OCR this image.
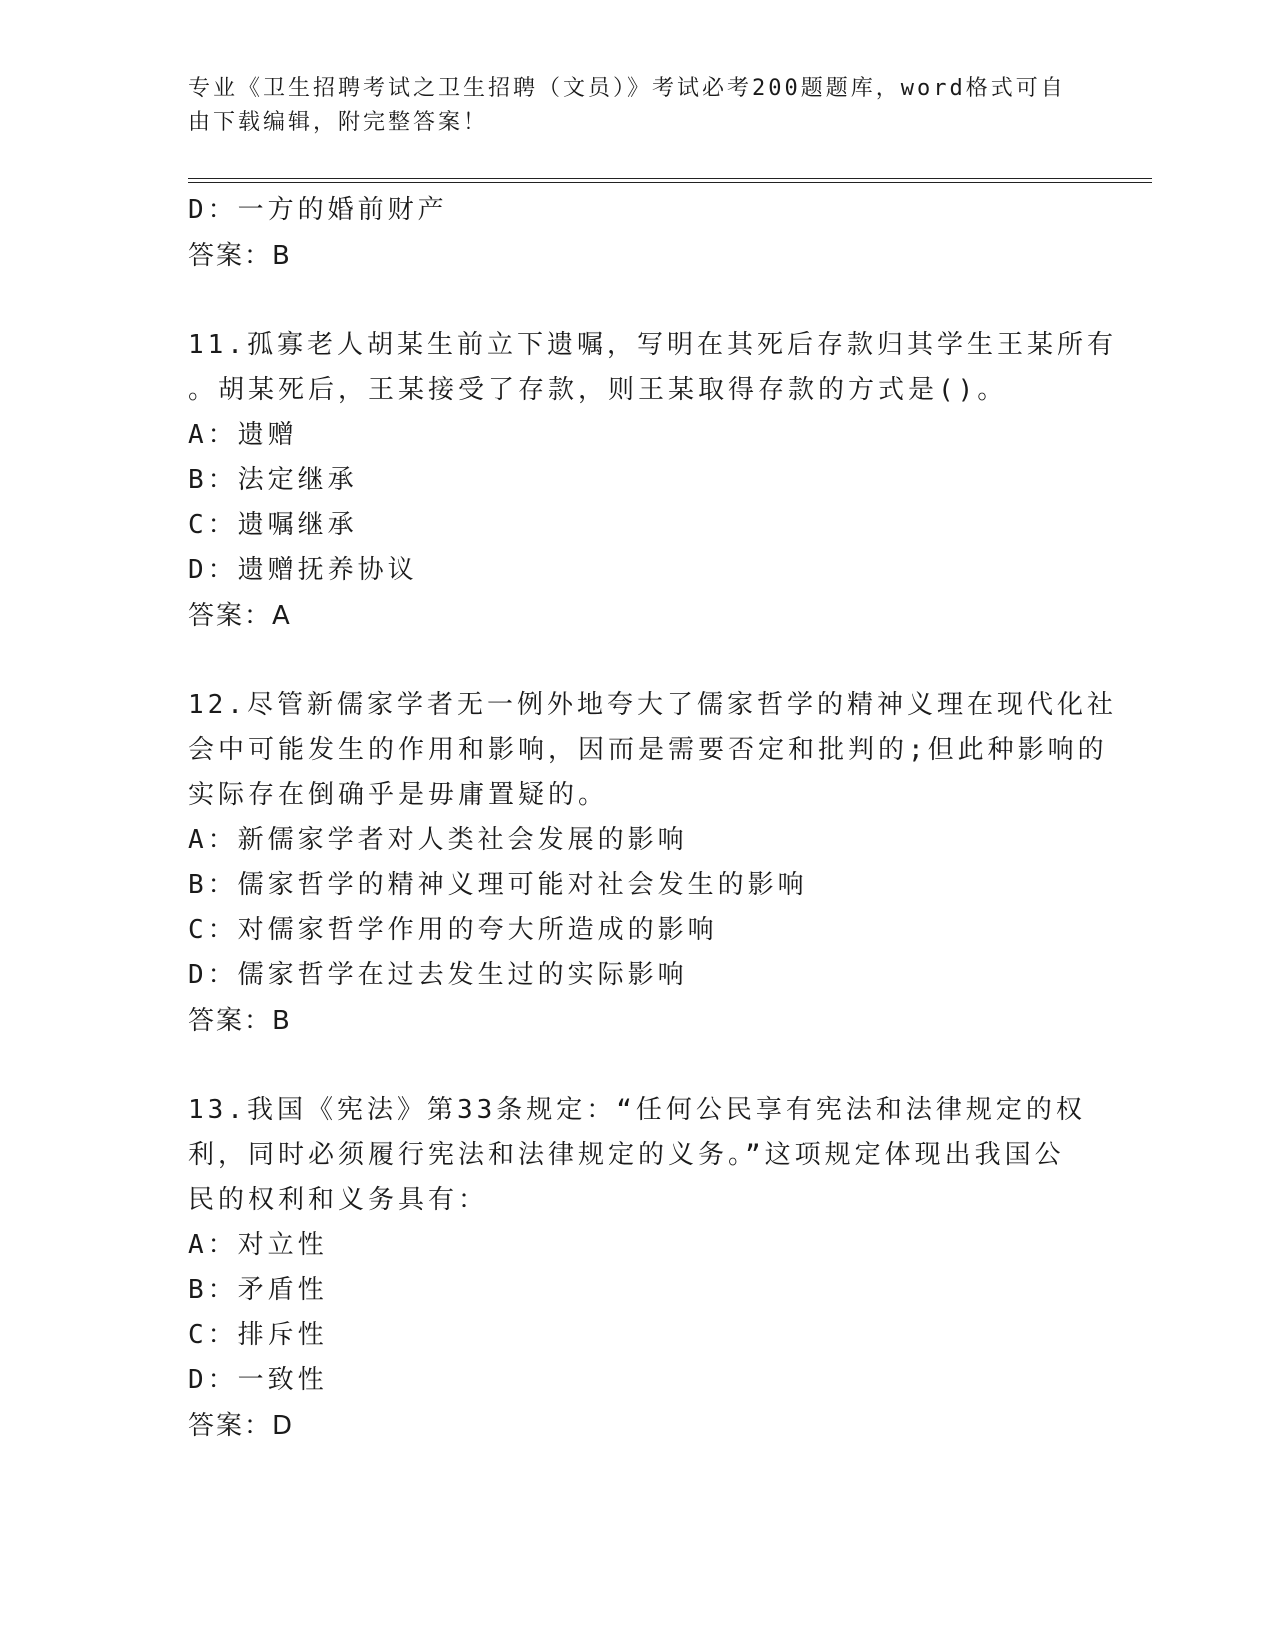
专业《卫生招聘考试之卫生招聘（文员）》考试必考200题题库，word格式可自
由下载编辑，附完整答案！
D：一方的婚前财产
答案：B
11.孤寡老人胡某生前立下遗嘱，写明在其死后存款归其学生王某所有
。胡某死后，王某接受了存款，则王某取得存款的方式是()。
A：遗赠
B：法定继承
C：遗嘱继承
D：遗赠抚养协议
答案：A
12.尽管新儒家学者无一例外地夸大了儒家哲学的精神义理在现代化社
会中可能发生的作用和影响，因而是需要否定和批判的;但此种影响的
实际存在倒确乎是毋庸置疑的。
A：新儒家学者对人类社会发展的影响
B：儒家哲学的精神义理可能对社会发生的影响
C：对儒家哲学作用的夸大所造成的影响
D：儒家哲学在过去发生过的实际影响
答案：B
13.我国《宪法》第33条规定：“任何公民享有宪法和法律规定的权
利，同时必须履行宪法和法律规定的义务。”这项规定体现出我国公
民的权利和义务具有：
A：对立性
B：矛盾性
C：排斥性
D：一致性
答案：D
